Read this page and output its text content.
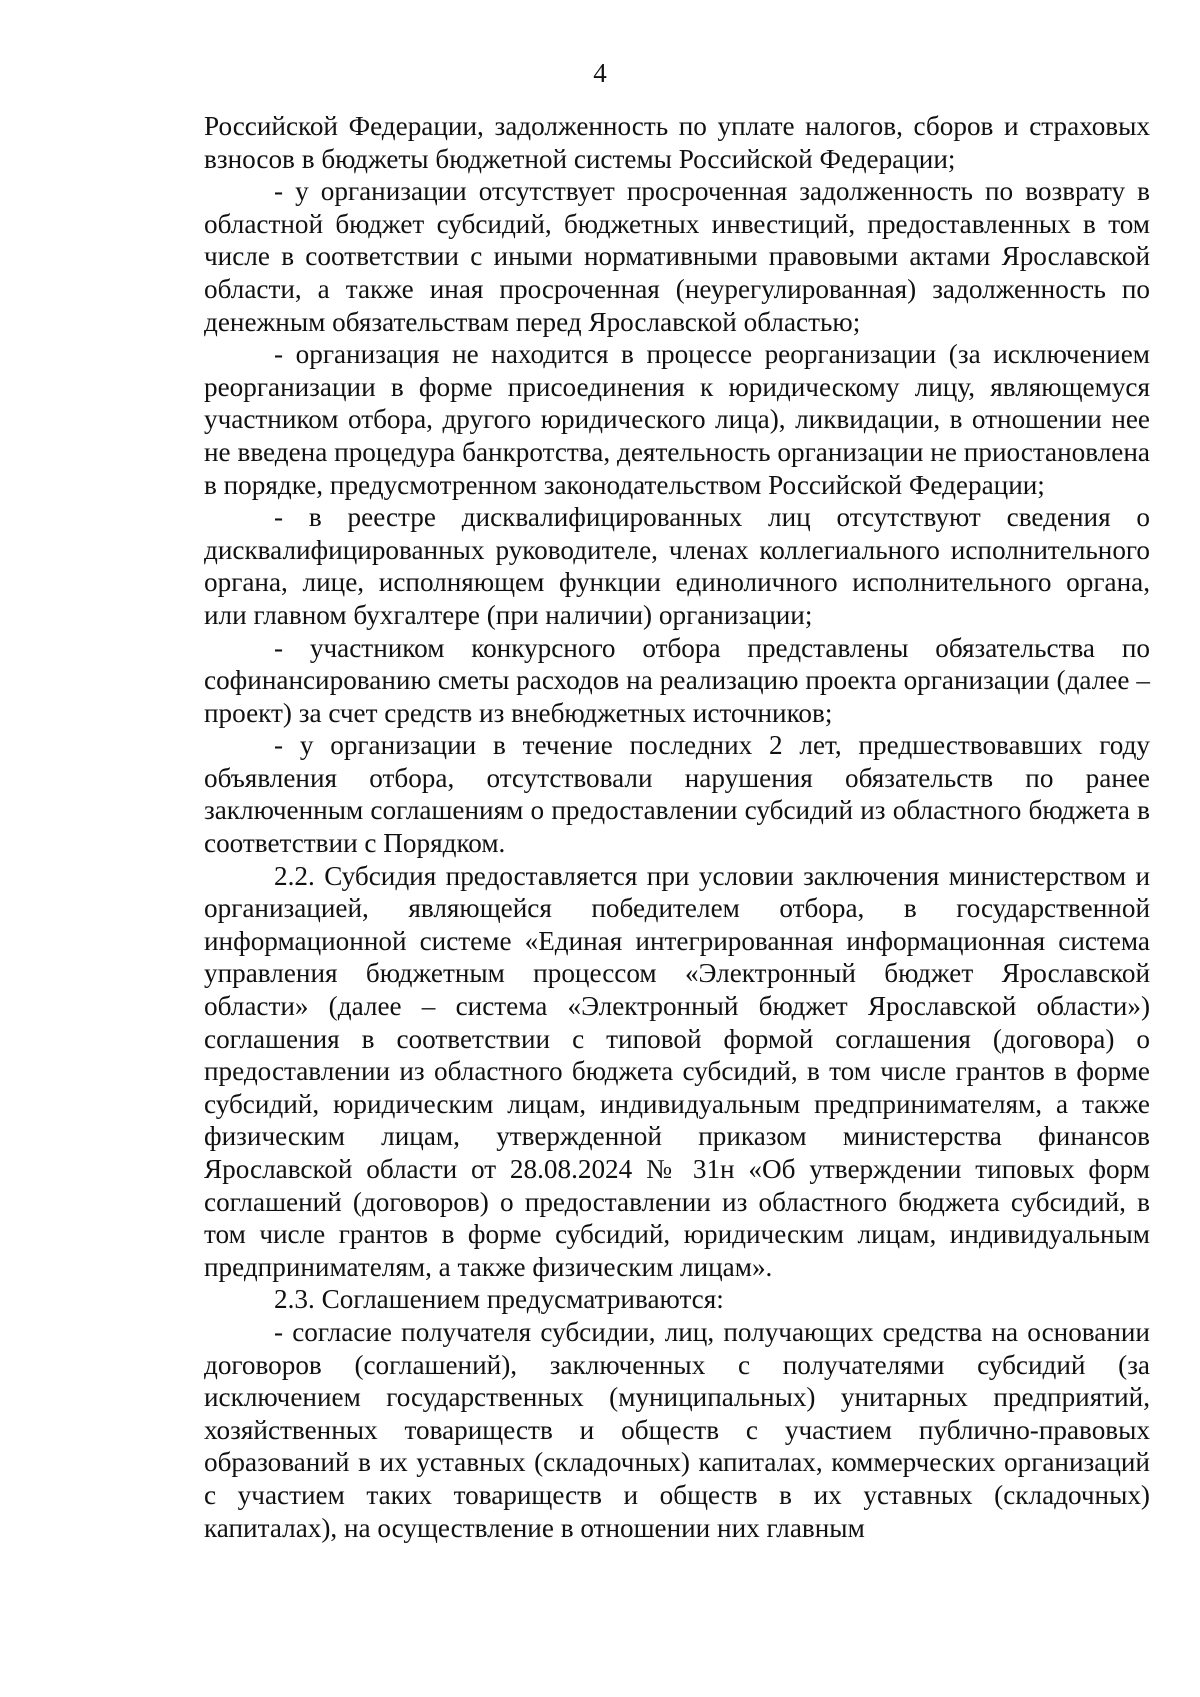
4

Российской Федерации, задолженность по уплате налогов, сборов и страховых взносов в бюджеты бюджетной системы Российской Федерации;

- у организации отсутствует просроченная задолженность по возврату в областной бюджет субсидий, бюджетных инвестиций, предоставленных в том числе в соответствии с иными нормативными правовыми актами Ярославской области, а также иная просроченная (неурегулированная) задолженность по денежным обязательствам перед Ярославской областью;

- организация не находится в процессе реорганизации (за исключением реорганизации в форме присоединения к юридическому лицу, являющемуся участником отбора, другого юридического лица), ликвидации, в отношении нее не введена процедура банкротства, деятельность организации не приостановлена в порядке, предусмотренном законодательством Российской Федерации;

- в реестре дисквалифицированных лиц отсутствуют сведения о дисквалифицированных руководителе, членах коллегиального исполнительного органа, лице, исполняющем функции единоличного исполнительного органа, или главном бухгалтере (при наличии) организации;

- участником конкурсного отбора представлены обязательства по софинансированию сметы расходов на реализацию проекта организации (далее – проект) за счет средств из внебюджетных источников;

- у организации в течение последних 2 лет, предшествовавших году объявления отбора, отсутствовали нарушения обязательств по ранее заключенным соглашениям о предоставлении субсидий из областного бюджета в соответствии с Порядком.

2.2. Субсидия предоставляется при условии заключения министерством и организацией, являющейся победителем отбора, в государственной информационной системе «Единая интегрированная информационная система управления бюджетным процессом «Электронный бюджет Ярославской области» (далее – система «Электронный бюджет Ярославской области») соглашения в соответствии с типовой формой соглашения (договора) о предоставлении из областного бюджета субсидий, в том числе грантов в форме субсидий, юридическим лицам, индивидуальным предпринимателям, а также физическим лицам, утвержденной приказом министерства финансов Ярославской области от 28.08.2024 № 31н «Об утверждении типовых форм соглашений (договоров) о предоставлении из областного бюджета субсидий, в том числе грантов в форме субсидий, юридическим лицам, индивидуальным предпринимателям, а также физическим лицам».

2.3. Соглашением предусматриваются:

- согласие получателя субсидии, лиц, получающих средства на основании договоров (соглашений), заключенных с получателями субсидий (за исключением государственных (муниципальных) унитарных предприятий, хозяйственных товариществ и обществ с участием публично-правовых образований в их уставных (складочных) капиталах, коммерческих организаций с участием таких товариществ и обществ в их уставных (складочных) капиталах), на осуществление в отношении них главным
